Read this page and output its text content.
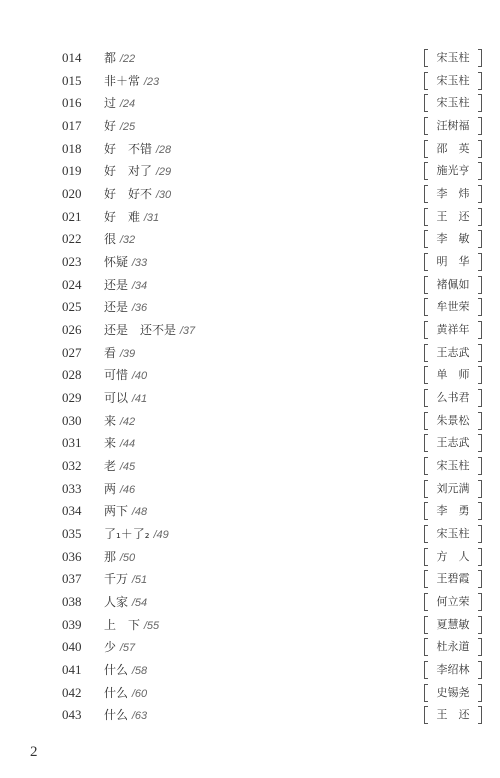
014 都 /22	宋玉柱
015 非＋常 /23	宋玉柱
016 过 /24	宋玉柱
017 好 /25	汪树福
018 好　不错 /28	邵　英
019 好　对了 /29	施光亨
020 好　好不 /30	李　炜
021 好　难 /31	王　还
022 很 /32	李　敏
023 怀疑 /33	明　华
024 还是 /34	褚佩如
025 还是 /36	牟世荣
026 还是　还不是 /37	黄祥年
027 看 /39	王志武
028 可惜 /40	单　师
029 可以 /41	么书君
030 来 /42	朱景松
031 来 /44	王志武
032 老 /45	宋玉柱
033 两 /46	刘元满
034 两下 /48	李　勇
035 了₁＋了₂ /49	宋玉柱
036 那 /50	方　人
037 千万 /51	王碧霞
038 人家 /54	何立荣
039 上　下 /55	夏慧敏
040 少 /57	杜永道
041 什么 /58	李绍林
042 什么 /60	史锡尧
043 什么 /63	王　还
2
